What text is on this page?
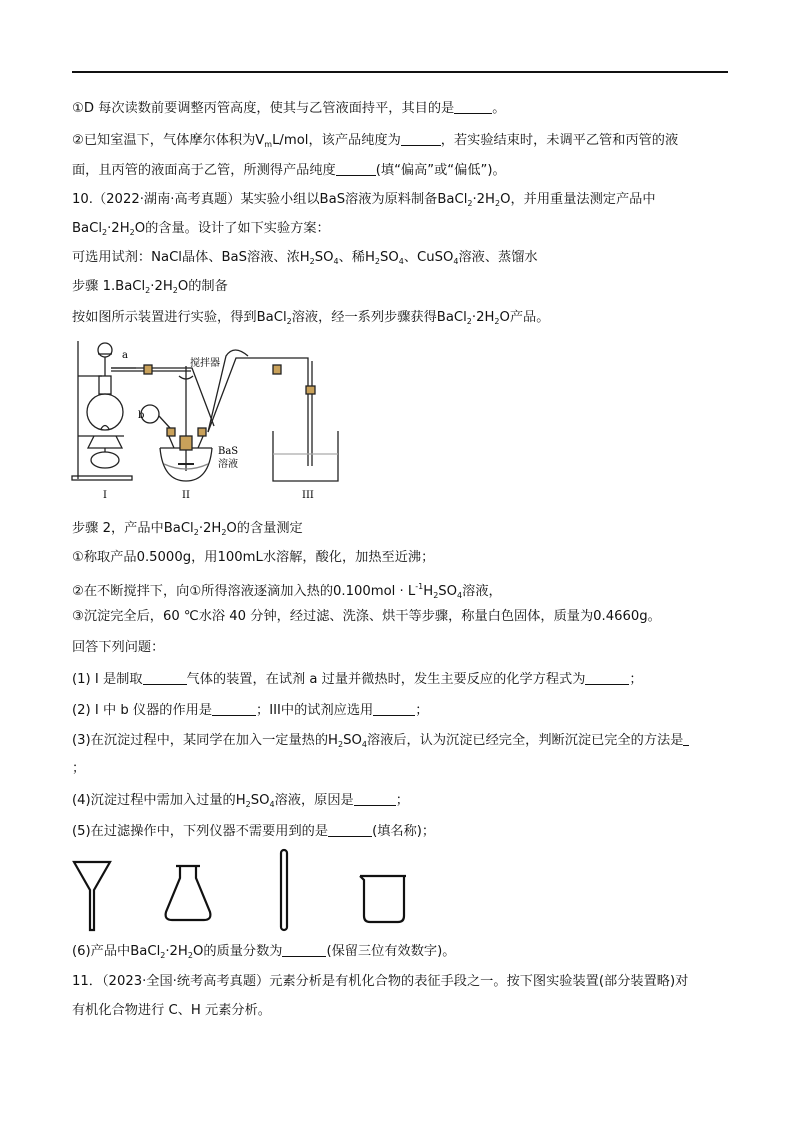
①D 每次读数前要调整丙管高度，使其与乙管液面持平，其目的是	。
②已知室温下，气体摩尔体积为$V_mL$/mol，该产品纯度为	，若实验结束时，未调平乙管和丙管的液
面，且丙管的液面高于乙管，所测得产品纯度	(填“偏高”或“偏低”)。
10.（2022·湖南·高考真题）某实验小组以BaS溶液为原料制备$BaCl_2\cdot 2H_2O$，并用重量法测定产品中
$BaCl_2\cdot 2H_2O$的含量。设计了如下实验方案：
可选用试剂：NaCl晶体、BaS溶液、浓$H_2SO_4$、稀$H_2SO_4$、CuSO$_4$溶液、蒸馏水
步骤 $1.BaCl_2\cdot 2H_2O$的制备
按如图所示装置进行实验，得到BaCl$_2$溶液，经一系列步骤获得$BaCl_2\cdot 2H_2O$产品。
a
b
搅拌器
BaS
溶液
I	II	III
步骤 2，产品中$BaCl_2\cdot 2H_2O$的含量测定
①称取产品0.5000g，用100mL水溶解，酸化，加热至近沸；
②在不断搅拌下，向①所得溶液逐滴加入热的$0.100mol \cdot L^{-1}H_2SO_4$溶液，
③沉淀完全后，60 ℃水浴 40 分钟，经过滤、洗涤、烘干等步骤，称量白色固体，质量为0.4660g。
回答下列问题：
(1) Ⅰ 是制取	气体的装置，在试剂 a 过量并微热时，发生主要反应的化学方程式为	；
(2) Ⅰ 中 b 仪器的作用是	；III中的试剂应选用	；
(3)在沉淀过程中，某同学在加入一定量热的$H_2SO_4$溶液后，认为沉淀已经完全，判断沉淀已完全的方法是
；
(4)沉淀过程中需加入过量的$H_2SO_4$溶液，原因是	；
(5)在过滤操作中，下列仪器不需要用到的是	(填名称)；
(6)产品中$BaCl_2\cdot 2H_2O$的质量分数为	(保留三位有效数字)。
11．（2023·全国·统考高考真题）元素分析是有机化合物的表征手段之一。按下图实验装置(部分装置略)对
有机化合物进行 C、H 元素分析。
